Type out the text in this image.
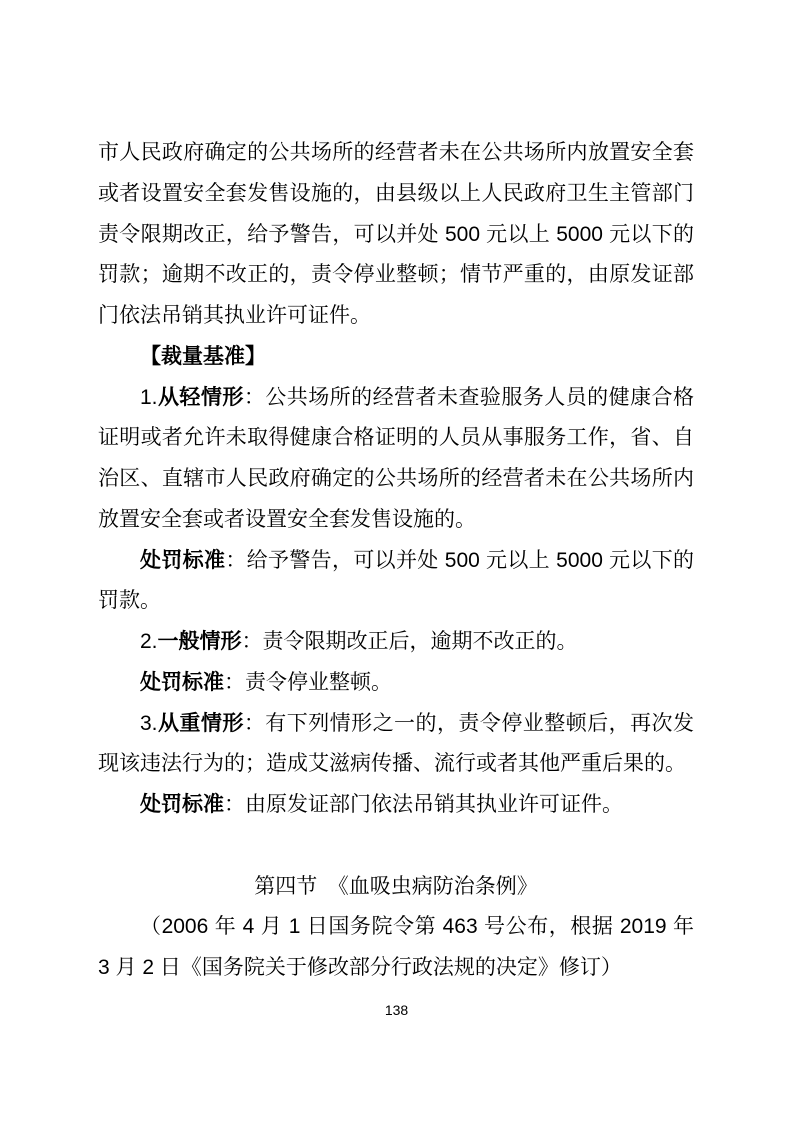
市人民政府确定的公共场所的经营者未在公共场所内放置安全套或者设置安全套发售设施的，由县级以上人民政府卫生主管部门责令限期改正，给予警告，可以并处 500 元以上 5000 元以下的罚款；逾期不改正的，责令停业整顿；情节严重的，由原发证部门依法吊销其执业许可证件。

【裁量基准】

1.从轻情形：公共场所的经营者未查验服务人员的健康合格证明或者允许未取得健康合格证明的人员从事服务工作，省、自治区、直辖市人民政府确定的公共场所的经营者未在公共场所内放置安全套或者设置安全套发售设施的。

处罚标准：给予警告，可以并处 500 元以上 5000 元以下的罚款。

2.一般情形：责令限期改正后，逾期不改正的。

处罚标准：责令停业整顿。

3.从重情形：有下列情形之一的，责令停业整顿后，再次发现该违法行为的；造成艾滋病传播、流行或者其他严重后果的。

处罚标准：由原发证部门依法吊销其执业许可证件。

第四节　《血吸虫病防治条例》

（2006 年 4 月 1 日国务院令第 463 号公布，根据 2019 年 3 月 2 日《国务院关于修改部分行政法规的决定》修订）

138
